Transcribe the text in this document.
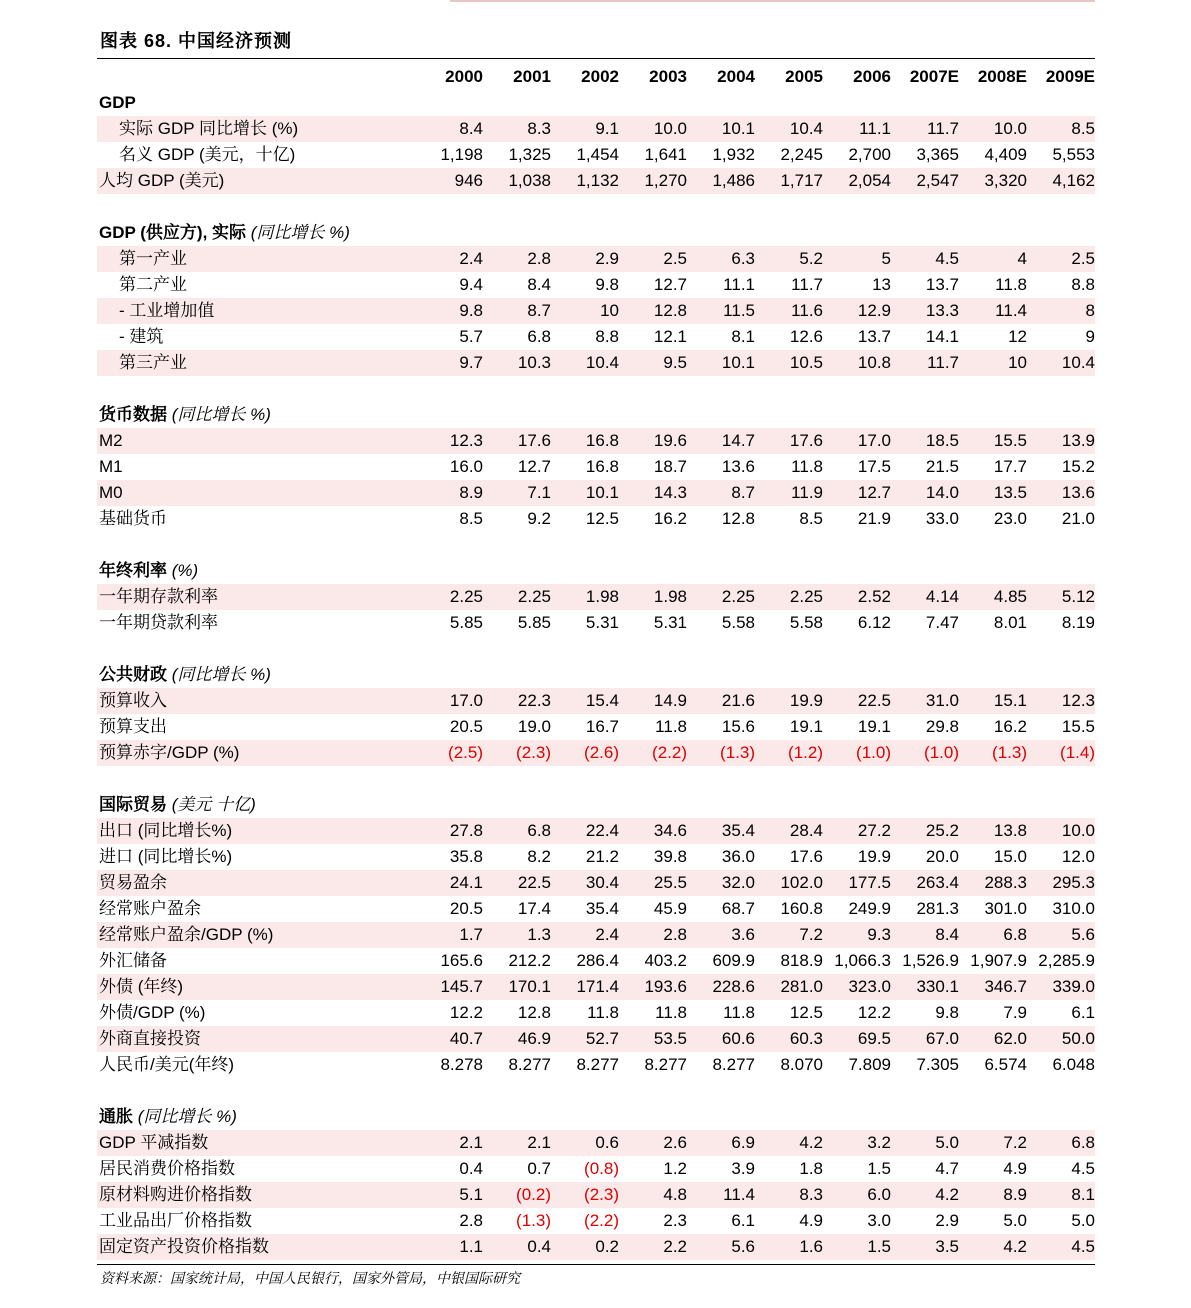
图表 68. 中国经济预测
	2000	2001	2002	2003	2004	2005	2006	2007E	2008E	2009E
GDP										
实际 GDP 同比增长 (%)	8.4	8.3	9.1	10.0	10.1	10.4	11.1	11.7	10.0	8.5
名义 GDP (美元，十亿)	1,198	1,325	1,454	1,641	1,932	2,245	2,700	3,365	4,409	5,553
人均 GDP (美元)	946	1,038	1,132	1,270	1,486	1,717	2,054	2,547	3,320	4,162

GDP (供应方), 实际 (同比增长 %)										
第一产业	2.4	2.8	2.9	2.5	6.3	5.2	5	4.5	4	2.5
第二产业	9.4	8.4	9.8	12.7	11.1	11.7	13	13.7	11.8	8.8
- 工业增加值	9.8	8.7	10	12.8	11.5	11.6	12.9	13.3	11.4	8
- 建筑	5.7	6.8	8.8	12.1	8.1	12.6	13.7	14.1	12	9
第三产业	9.7	10.3	10.4	9.5	10.1	10.5	10.8	11.7	10	10.4

货币数据 (同比增长 %)										
M2	12.3	17.6	16.8	19.6	14.7	17.6	17.0	18.5	15.5	13.9
M1	16.0	12.7	16.8	18.7	13.6	11.8	17.5	21.5	17.7	15.2
M0	8.9	7.1	10.1	14.3	8.7	11.9	12.7	14.0	13.5	13.6
基础货币	8.5	9.2	12.5	16.2	12.8	8.5	21.9	33.0	23.0	21.0

年终利率 (%)										
一年期存款利率	2.25	2.25	1.98	1.98	2.25	2.25	2.52	4.14	4.85	5.12
一年期贷款利率	5.85	5.85	5.31	5.31	5.58	5.58	6.12	7.47	8.01	8.19

公共财政 (同比增长 %)										
预算收入	17.0	22.3	15.4	14.9	21.6	19.9	22.5	31.0	15.1	12.3
预算支出	20.5	19.0	16.7	11.8	15.6	19.1	19.1	29.8	16.2	15.5
预算赤字/GDP (%)	(2.5)	(2.3)	(2.6)	(2.2)	(1.3)	(1.2)	(1.0)	(1.0)	(1.3)	(1.4)

国际贸易 (美元 十亿)										
出口 (同比增长%)	27.8	6.8	22.4	34.6	35.4	28.4	27.2	25.2	13.8	10.0
进口 (同比增长%)	35.8	8.2	21.2	39.8	36.0	17.6	19.9	20.0	15.0	12.0
贸易盈余	24.1	22.5	30.4	25.5	32.0	102.0	177.5	263.4	288.3	295.3
经常账户盈余	20.5	17.4	35.4	45.9	68.7	160.8	249.9	281.3	301.0	310.0
经常账户盈余/GDP (%)	1.7	1.3	2.4	2.8	3.6	7.2	9.3	8.4	6.8	5.6
外汇储备	165.6	212.2	286.4	403.2	609.9	818.9	1,066.3	1,526.9	1,907.9	2,285.9
外债 (年终)	145.7	170.1	171.4	193.6	228.6	281.0	323.0	330.1	346.7	339.0
外债/GDP (%)	12.2	12.8	11.8	11.8	11.8	12.5	12.2	9.8	7.9	6.1
外商直接投资	40.7	46.9	52.7	53.5	60.6	60.3	69.5	67.0	62.0	50.0
人民币/美元(年终)	8.278	8.277	8.277	8.277	8.277	8.070	7.809	7.305	6.574	6.048

通胀 (同比增长 %)										
GDP 平减指数	2.1	2.1	0.6	2.6	6.9	4.2	3.2	5.0	7.2	6.8
居民消费价格指数	0.4	0.7	(0.8)	1.2	3.9	1.8	1.5	4.7	4.9	4.5
原材料购进价格指数	5.1	(0.2)	(2.3)	4.8	11.4	8.3	6.0	4.2	8.9	8.1
工业品出厂价格指数	2.8	(1.3)	(2.2)	2.3	6.1	4.9	3.0	2.9	5.0	5.0
固定资产投资价格指数	1.1	0.4	0.2	2.2	5.6	1.6	1.5	3.5	4.2	4.5
资料来源：国家统计局，中国人民银行，国家外管局，中银国际研究
